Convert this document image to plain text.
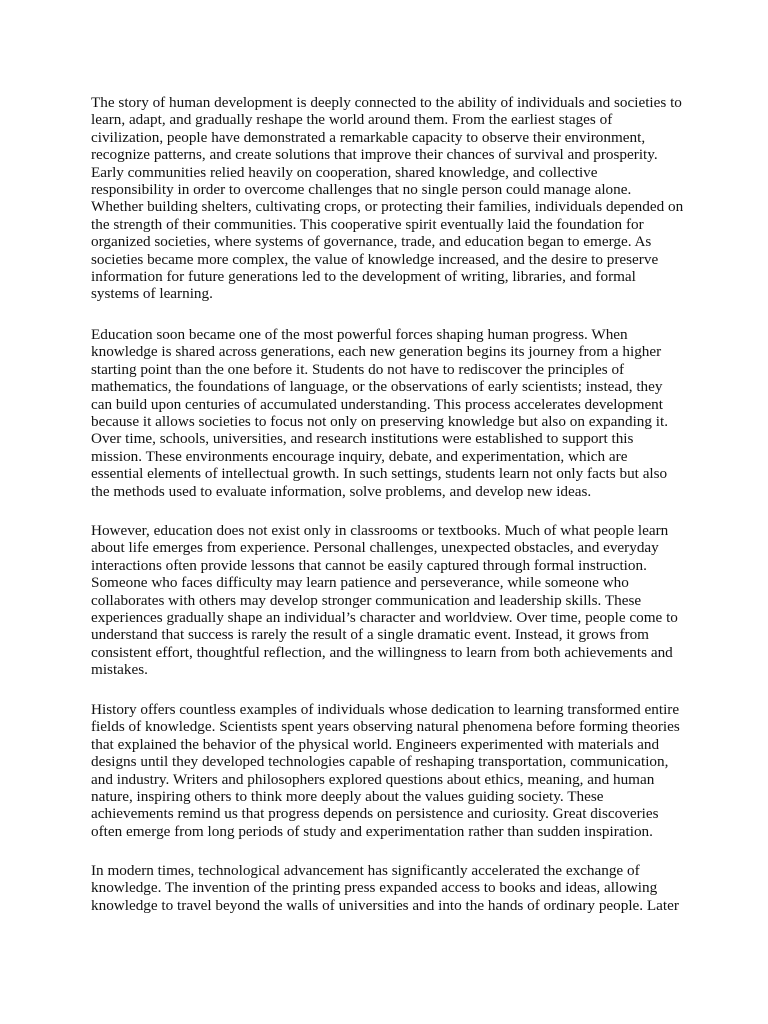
The story of human development is deeply connected to the ability of individuals and societies to
learn, adapt, and gradually reshape the world around them. From the earliest stages of
civilization, people have demonstrated a remarkable capacity to observe their environment,
recognize patterns, and create solutions that improve their chances of survival and prosperity.
Early communities relied heavily on cooperation, shared knowledge, and collective
responsibility in order to overcome challenges that no single person could manage alone.
Whether building shelters, cultivating crops, or protecting their families, individuals depended on
the strength of their communities. This cooperative spirit eventually laid the foundation for
organized societies, where systems of governance, trade, and education began to emerge. As
societies became more complex, the value of knowledge increased, and the desire to preserve
information for future generations led to the development of writing, libraries, and formal
systems of learning.
Education soon became one of the most powerful forces shaping human progress. When
knowledge is shared across generations, each new generation begins its journey from a higher
starting point than the one before it. Students do not have to rediscover the principles of
mathematics, the foundations of language, or the observations of early scientists; instead, they
can build upon centuries of accumulated understanding. This process accelerates development
because it allows societies to focus not only on preserving knowledge but also on expanding it.
Over time, schools, universities, and research institutions were established to support this
mission. These environments encourage inquiry, debate, and experimentation, which are
essential elements of intellectual growth. In such settings, students learn not only facts but also
the methods used to evaluate information, solve problems, and develop new ideas.
However, education does not exist only in classrooms or textbooks. Much of what people learn
about life emerges from experience. Personal challenges, unexpected obstacles, and everyday
interactions often provide lessons that cannot be easily captured through formal instruction.
Someone who faces difficulty may learn patience and perseverance, while someone who
collaborates with others may develop stronger communication and leadership skills. These
experiences gradually shape an individual’s character and worldview. Over time, people come to
understand that success is rarely the result of a single dramatic event. Instead, it grows from
consistent effort, thoughtful reflection, and the willingness to learn from both achievements and
mistakes.
History offers countless examples of individuals whose dedication to learning transformed entire
fields of knowledge. Scientists spent years observing natural phenomena before forming theories
that explained the behavior of the physical world. Engineers experimented with materials and
designs until they developed technologies capable of reshaping transportation, communication,
and industry. Writers and philosophers explored questions about ethics, meaning, and human
nature, inspiring others to think more deeply about the values guiding society. These
achievements remind us that progress depends on persistence and curiosity. Great discoveries
often emerge from long periods of study and experimentation rather than sudden inspiration.
In modern times, technological advancement has significantly accelerated the exchange of
knowledge. The invention of the printing press expanded access to books and ideas, allowing
knowledge to travel beyond the walls of universities and into the hands of ordinary people. Later
